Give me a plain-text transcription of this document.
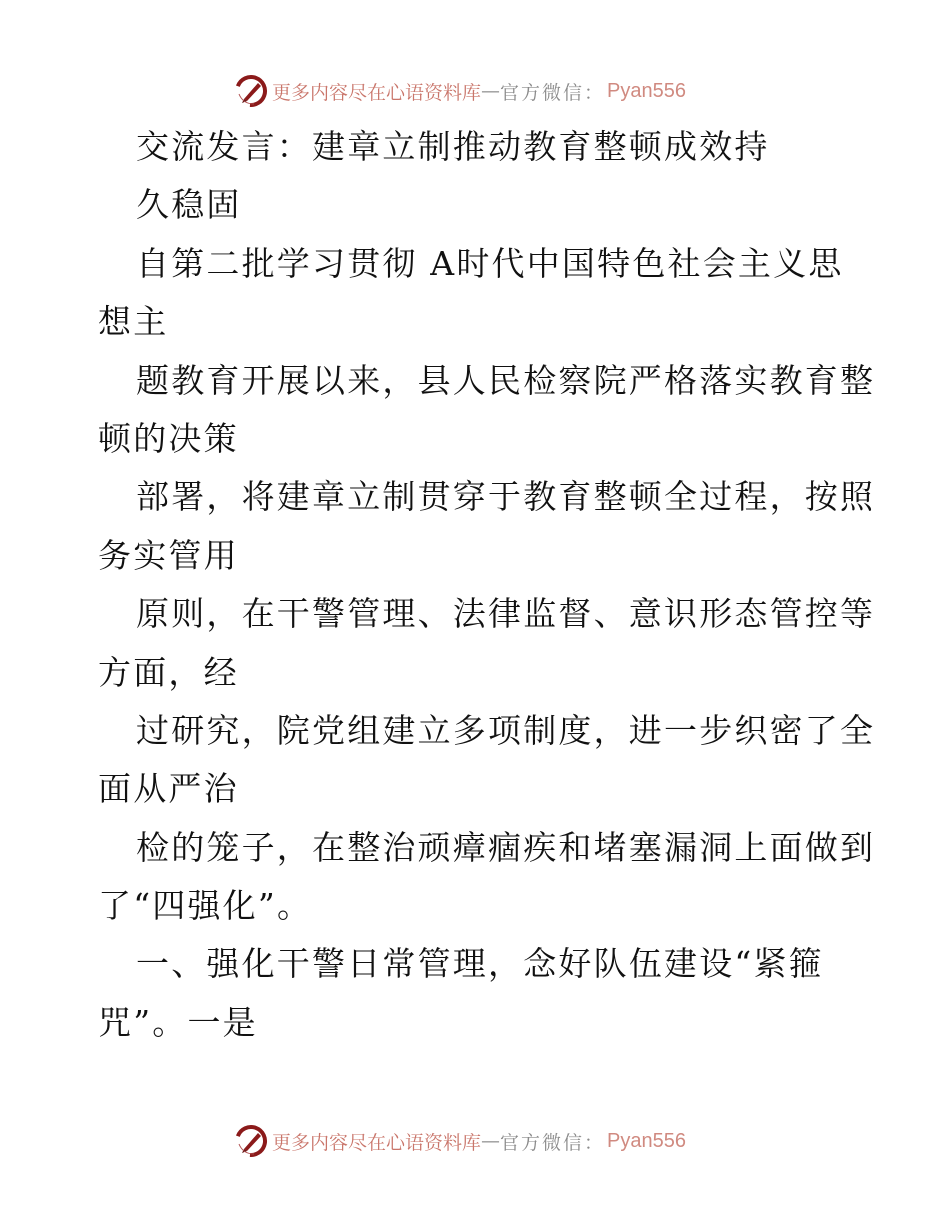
更多内容尽在心语资料库 — 官方微信： Pyan556
交流发言：建章立制推动教育整顿成效持
久稳固
自第二批学习贯彻 A时代中国特色社会主义思
想主
题教育开展以来，县人民检察院严格落实教育整
顿的决策
部署，将建章立制贯穿于教育整顿全过程，按照
务实管用
原则，在干警管理、法律监督、意识形态管控等
方面，经
过研究，院党组建立多项制度，进一步织密了全
面从严治
检的笼子，在整治顽瘴痼疾和堵塞漏洞上面做到
了“四强化”。
一、强化干警日常管理，念好队伍建设“紧箍
咒”。一是
更多内容尽在心语资料库 — 官方微信： Pyan556
